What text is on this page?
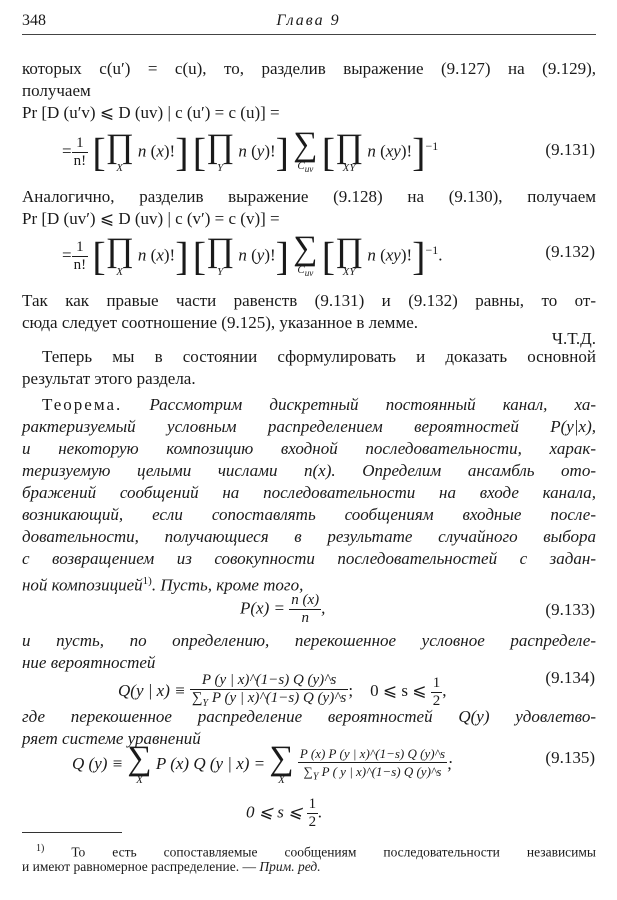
348	Глава 9
которых c(u′) = c(u), то, разделив выражение (9.127) на (9.129),
получаем
Pr [D (u′v) ⩽ D (uv) | c (u′) = c (u)] =
= $\frac{1}{n!}$ [∏
X
n (x)!] [∏
Y
n (y)!] ∑
$C_{uv}$ [∏
XY
n (xy)!]$^{-1}$	(9.131)
Аналогично, разделив выражение (9.128) на (9.130), получаем
Pr [D (uv′) ⩽ D (uv) | c (v′) = c (v)] =
= $\frac{1}{n!}$ [∏
X
n (x)!] [∏
Y
n (y)!] ∑
$C_{uv}$ [∏
XY
n (xy)!]$^{-1}$.	(9.132)
Так как правые части равенств (9.131) и (9.132) равны, то от-
сюда следует соотношение (9.125), указанное в лемме.
Ч.Т.Д.
Теперь мы в состоянии сформулировать и доказать основной
результат этого раздела.
Теорема. Рассмотрим дискретный постоянный канал, ха-
рактеризуемый условным распределением вероятностей P(y|x),
и некоторую композицию входной последовательности, харак-
теризуемую целыми числами n(x). Определим ансамбль ото-
бражений сообщений на последовательности на входе канала,
возникающий, если сопоставлять сообщениям входные после-
довательности, получающиеся в результате случайного выбора
с возвращением из совокупности последовательностей с задан-
ной композицией$^{1)}$. Пусть, кроме того,
$P(x) = \frac{n (x)}{n}$ ,	(9.133)
и пусть, по определению, перекошенное условное распределе-
ние вероятностей
Q(y | $x) \equiv \frac{P (y | x)\^{}(1-s) Q (y)\^{}s}{\sum_Y P (y | x)\^{}(1-s) Q (y)\^{}s}$ ;    0 ⩽ s ⩽ $\frac{1}{2}$ ,
(9.134)
где перекошенное распределение вероятностей Q(y) удовлетво-
ряет системе уравнений
Q (y) ≡ ∑
X
P (x) Q (y | x) = ∑
X
	$\frac{P (x) P (y | x)\^{}(1-s) Q (y)\^{}s}{\sum_Y P ( y | x)\^{}(1-s) Q (y)\^{}s}$ ;	(9.135)
0 ⩽ s ⩽ $\frac{1}{2}$ .
$^{1)}$ То есть сопоставляемые сообщениям последовательности независимы
и имеют равномерное распределение. — Прим. ред.
